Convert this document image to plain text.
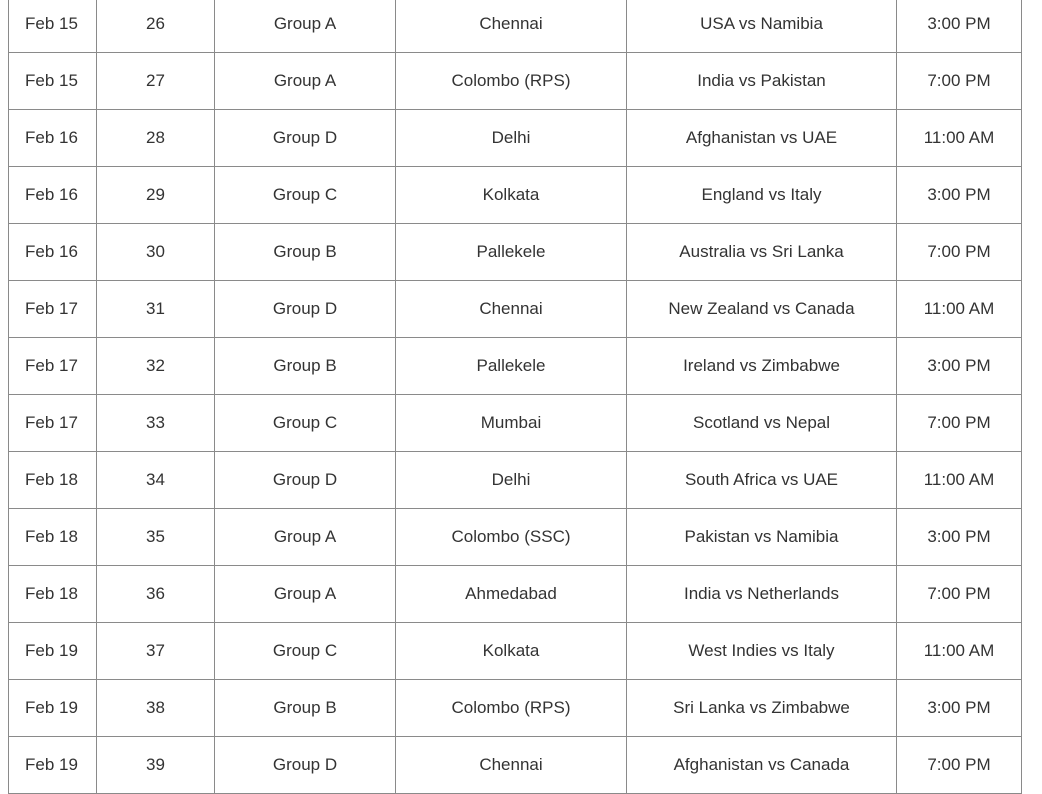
Feb 15	26	Group A	Chennai	USA vs Namibia	3:00 PM
Feb 15	27	Group A	Colombo (RPS)	India vs Pakistan	7:00 PM
Feb 16	28	Group D	Delhi	Afghanistan vs UAE	11:00 AM
Feb 16	29	Group C	Kolkata	England vs Italy	3:00 PM
Feb 16	30	Group B	Pallekele	Australia vs Sri Lanka	7:00 PM
Feb 17	31	Group D	Chennai	New Zealand vs Canada	11:00 AM
Feb 17	32	Group B	Pallekele	Ireland vs Zimbabwe	3:00 PM
Feb 17	33	Group C	Mumbai	Scotland vs Nepal	7:00 PM
Feb 18	34	Group D	Delhi	South Africa vs UAE	11:00 AM
Feb 18	35	Group A	Colombo (SSC)	Pakistan vs Namibia	3:00 PM
Feb 18	36	Group A	Ahmedabad	India vs Netherlands	7:00 PM
Feb 19	37	Group C	Kolkata	West Indies vs Italy	11:00 AM
Feb 19	38	Group B	Colombo (RPS)	Sri Lanka vs Zimbabwe	3:00 PM
Feb 19	39	Group D	Chennai	Afghanistan vs Canada	7:00 PM
